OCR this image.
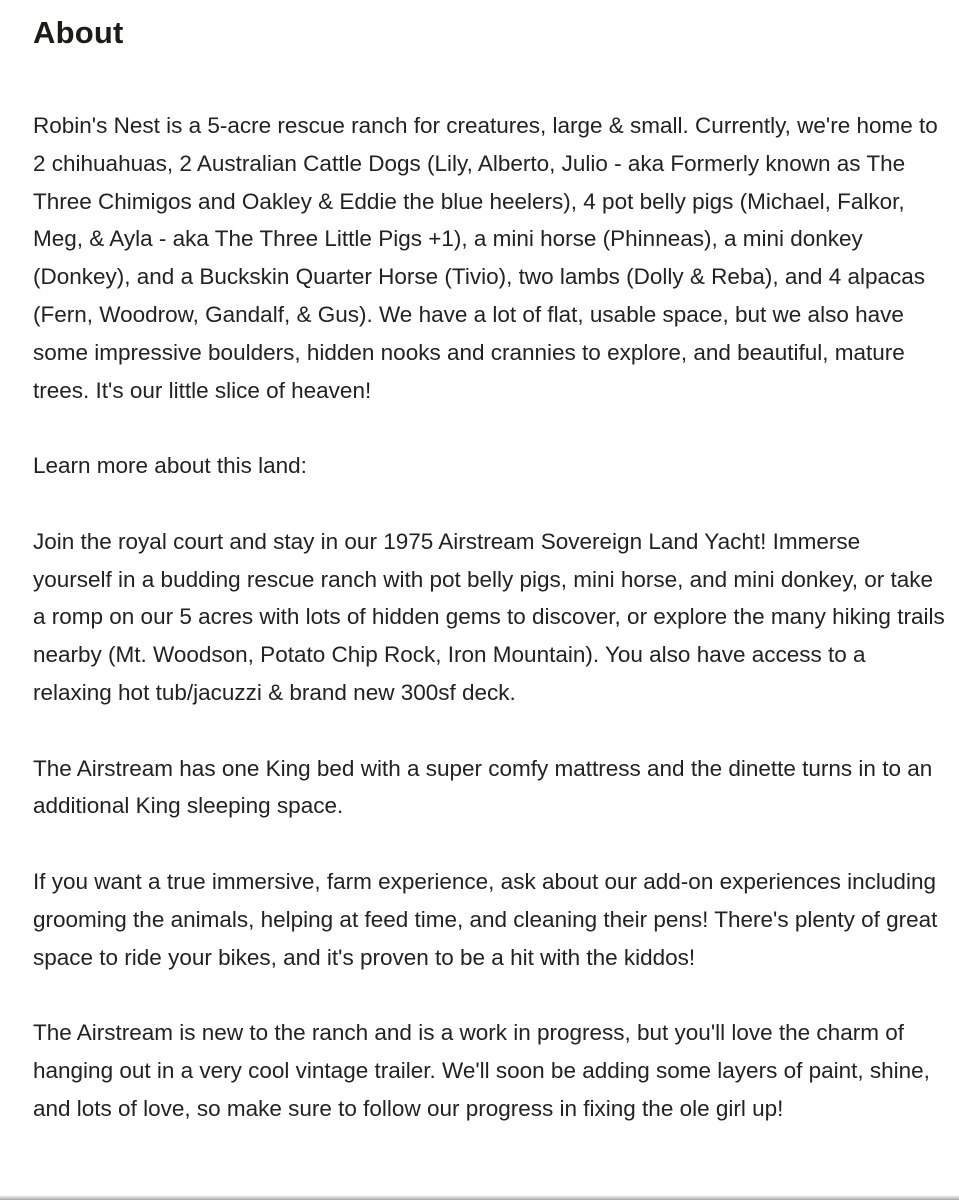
About

Robin's Nest is a 5-acre rescue ranch for creatures, large & small. Currently, we're home to 2 chihuahuas, 2 Australian Cattle Dogs (Lily, Alberto, Julio - aka Formerly known as The Three Chimigos and Oakley & Eddie the blue heelers), 4 pot belly pigs (Michael, Falkor, Meg, & Ayla - aka The Three Little Pigs +1), a mini horse (Phinneas), a mini donkey (Donkey), and a Buckskin Quarter Horse (Tivio), two lambs (Dolly & Reba), and 4 alpacas (Fern, Woodrow, Gandalf, & Gus). We have a lot of flat, usable space, but we also have some impressive boulders, hidden nooks and crannies to explore, and beautiful, mature trees. It's our little slice of heaven!

Learn more about this land:

Join the royal court and stay in our 1975 Airstream Sovereign Land Yacht! Immerse yourself in a budding rescue ranch with pot belly pigs, mini horse, and mini donkey, or take a romp on our 5 acres with lots of hidden gems to discover, or explore the many hiking trails nearby (Mt. Woodson, Potato Chip Rock, Iron Mountain). You also have access to a relaxing hot tub/jacuzzi & brand new 300sf deck.

The Airstream has one King bed with a super comfy mattress and the dinette turns in to an additional King sleeping space.

If you want a true immersive, farm experience, ask about our add-on experiences including grooming the animals, helping at feed time, and cleaning their pens! There's plenty of great space to ride your bikes, and it's proven to be a hit with the kiddos!

The Airstream is new to the ranch and is a work in progress, but you'll love the charm of hanging out in a very cool vintage trailer. We'll soon be adding some layers of paint, shine, and lots of love, so make sure to follow our progress in fixing the ole girl up!
